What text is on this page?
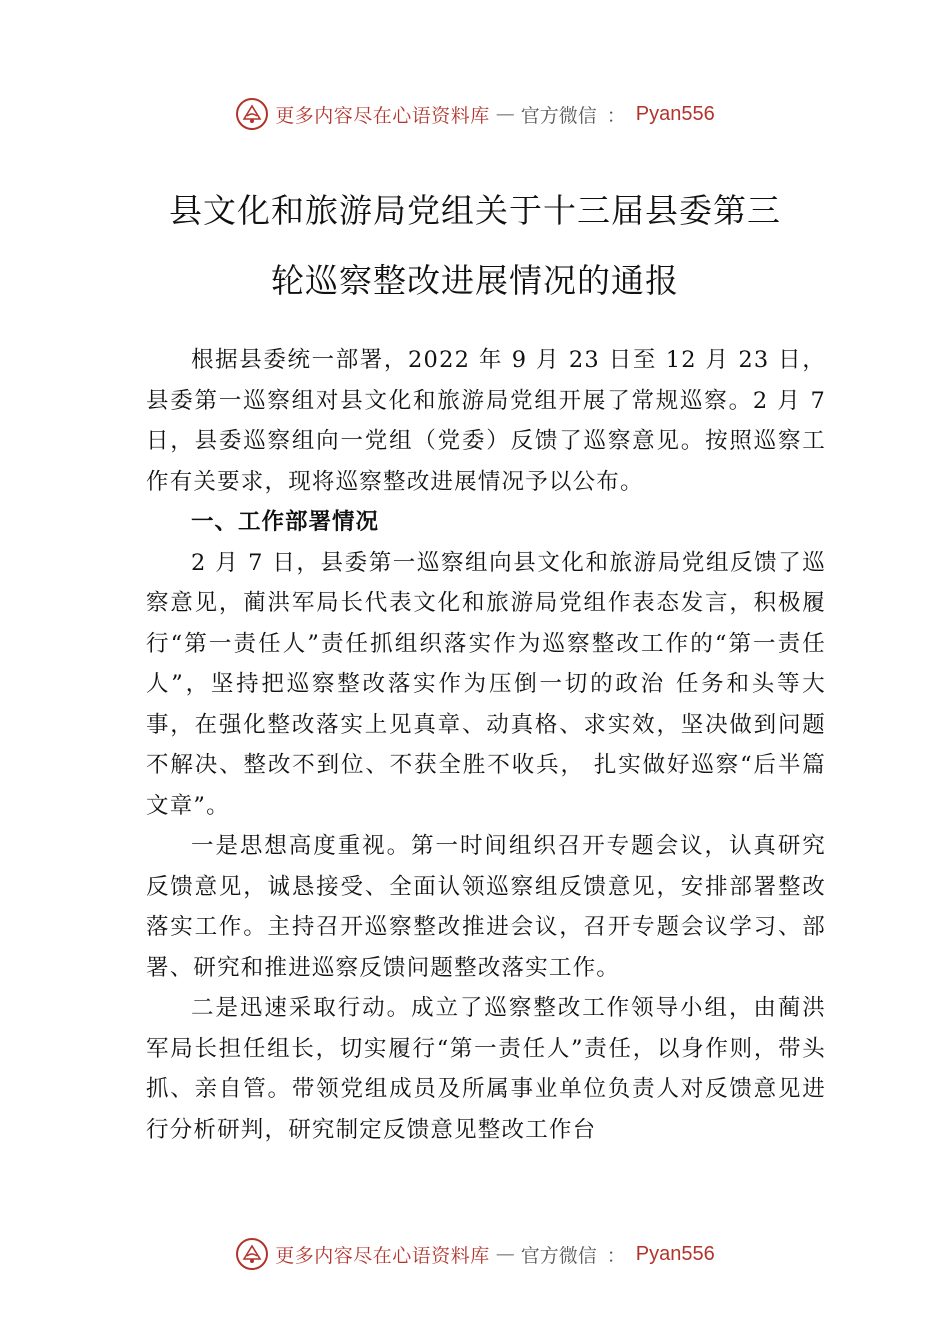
更多内容尽在心语资料库 — 官方微信 ： Pyan556
县文化和旅游局党组关于十三届县委第三
轮巡察整改进展情况的通报

根据县委统一部署，2022 年 9 月 23 日至 12 月 23 日，县委第一巡察组对县文化和旅游局党组开展了常规巡察。2 月 7 日，县委巡察组向一党组（党委）反馈了巡察意见。按照巡察工作有关要求，现将巡察整改进展情况予以公布。

一、工作部署情况

2 月 7 日，县委第一巡察组向县文化和旅游局党组反馈了巡察意见，蔺洪军局长代表文化和旅游局党组作表态发言，积极履行“第一责任人”责任抓组织落实作为巡察整改工作的“第一责任人”，坚持把巡察整改落实作为压倒一切的政治 任务和头等大事，在强化整改落实上见真章、动真格、求实效，坚决做到问题不解决、整改不到位、不获全胜不收兵， 扎实做好巡察“后半篇文章”。

一是思想高度重视。第一时间组织召开专题会议，认真研究反馈意见，诚恳接受、全面认领巡察组反馈意见，安排部署整改落实工作。主持召开巡察整改推进会议，召开专题会议学习、部署、研究和推进巡察反馈问题整改落实工作。

二是迅速采取行动。成立了巡察整改工作领导小组，由蔺洪军局长担任组长，切实履行“第一责任人”责任，以身作则，带头抓、亲自管。带领党组成员及所属事业单位负责人对反馈意见进行分析研判，研究制定反馈意见整改工作台

更多内容尽在心语资料库 — 官方微信 ： Pyan556
